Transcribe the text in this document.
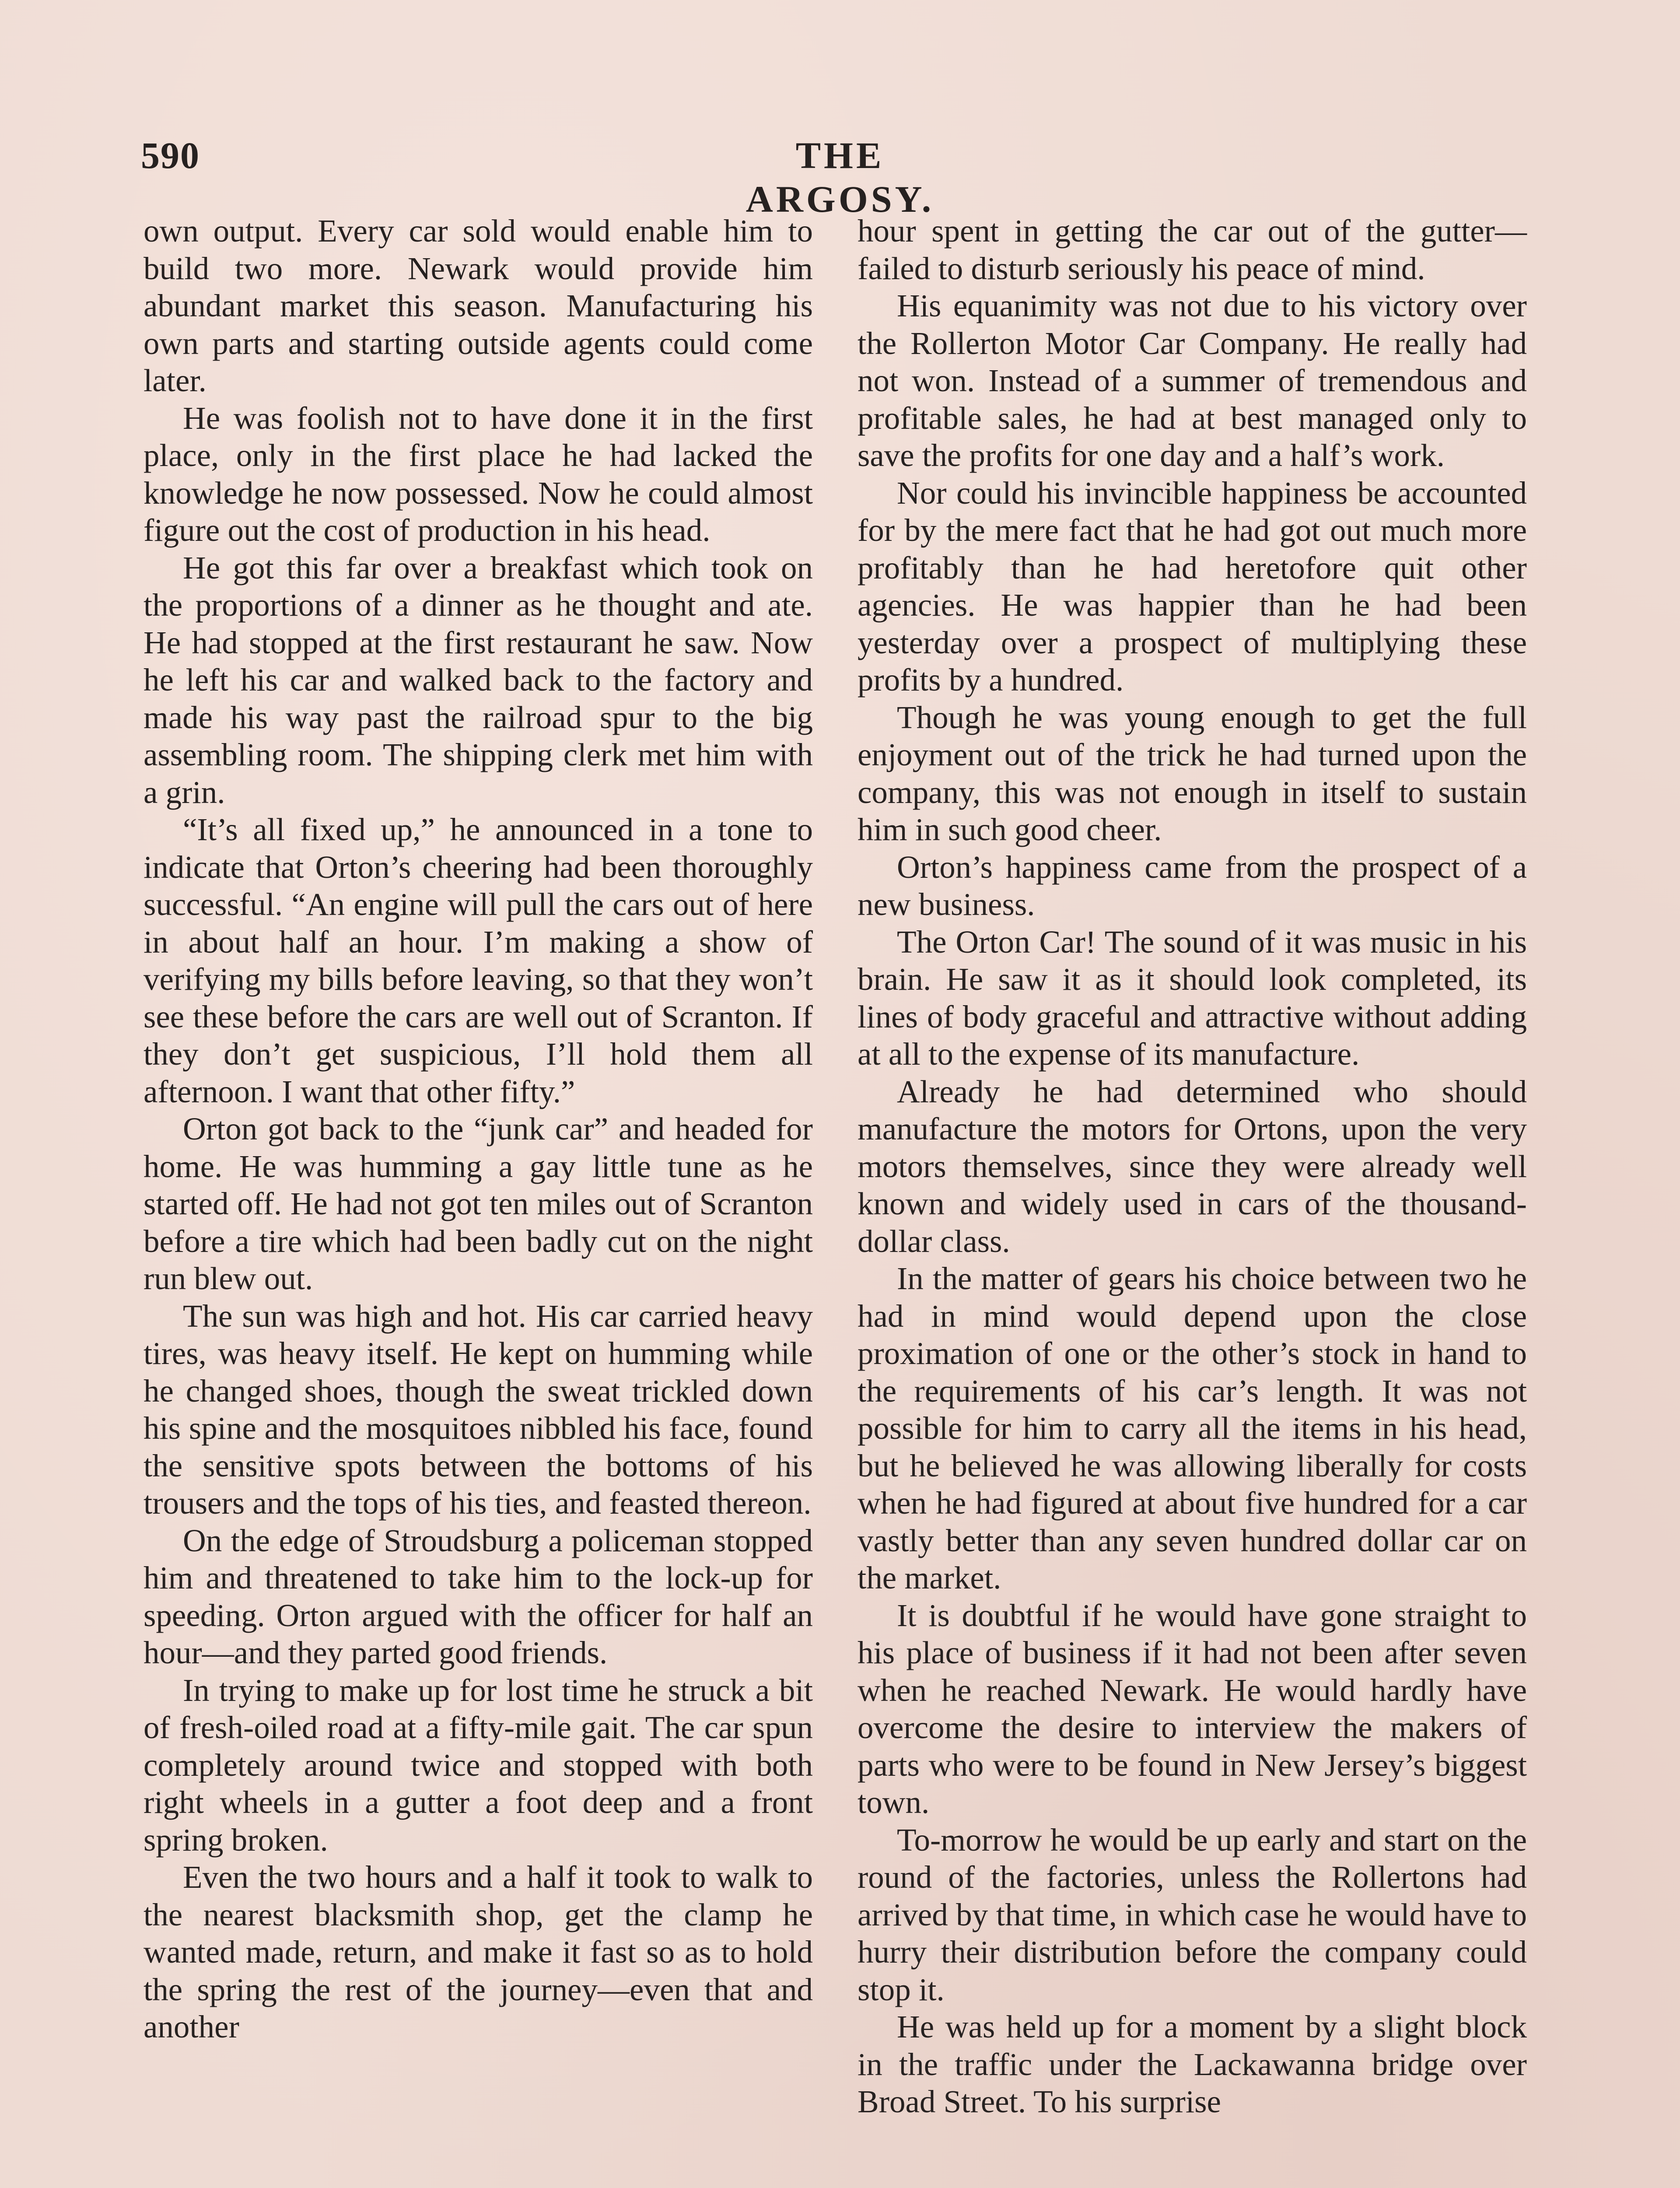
590	THE ARGOSY.

own output. Every car sold would enable him to build two more. Newark would provide him abundant market this season. Manufacturing his own parts and starting outside agents could come later.

He was foolish not to have done it in the first place, only in the first place he had lacked the knowledge he now possessed. Now he could almost figure out the cost of production in his head.

He got this far over a breakfast which took on the proportions of a dinner as he thought and ate. He had stopped at the first restaurant he saw. Now he left his car and walked back to the factory and made his way past the railroad spur to the big assembling room. The shipping clerk met him with a grin.

“It’s all fixed up,” he announced in a tone to indicate that Orton’s cheering had been thoroughly successful. “An engine will pull the cars out of here in about half an hour. I’m making a show of verifying my bills before leaving, so that they won’t see these before the cars are well out of Scranton. If they don’t get suspicious, I’ll hold them all afternoon. I want that other fifty.”

Orton got back to the “junk car” and headed for home. He was humming a gay little tune as he started off. He had not got ten miles out of Scranton before a tire which had been badly cut on the night run blew out.

The sun was high and hot. His car carried heavy tires, was heavy itself. He kept on humming while he changed shoes, though the sweat trickled down his spine and the mosquitoes nibbled his face, found the sensitive spots between the bottoms of his trousers and the tops of his ties, and feasted thereon.

On the edge of Stroudsburg a policeman stopped him and threatened to take him to the lock-up for speeding. Orton argued with the officer for half an hour—and they parted good friends.

In trying to make up for lost time he struck a bit of fresh-oiled road at a fifty-mile gait. The car spun completely around twice and stopped with both right wheels in a gutter a foot deep and a front spring broken.

Even the two hours and a half it took to walk to the nearest blacksmith shop, get the clamp he wanted made, return, and make it fast so as to hold the spring the rest of the journey—even that and another

hour spent in getting the car out of the gutter—failed to disturb seriously his peace of mind.

His equanimity was not due to his victory over the Rollerton Motor Car Company. He really had not won. Instead of a summer of tremendous and profitable sales, he had at best managed only to save the profits for one day and a half’s work.

Nor could his invincible happiness be accounted for by the mere fact that he had got out much more profitably than he had heretofore quit other agencies. He was happier than he had been yesterday over a prospect of multiplying these profits by a hundred.

Though he was young enough to get the full enjoyment out of the trick he had turned upon the company, this was not enough in itself to sustain him in such good cheer.

Orton’s happiness came from the prospect of a new business.

The Orton Car! The sound of it was music in his brain. He saw it as it should look completed, its lines of body graceful and attractive without adding at all to the expense of its manufacture.

Already he had determined who should manufacture the motors for Ortons, upon the very motors themselves, since they were already well known and widely used in cars of the thousand-dollar class.

In the matter of gears his choice between two he had in mind would depend upon the close proximation of one or the other’s stock in hand to the requirements of his car’s length. It was not possible for him to carry all the items in his head, but he believed he was allowing liberally for costs when he had figured at about five hundred for a car vastly better than any seven hundred dollar car on the market.

It is doubtful if he would have gone straight to his place of business if it had not been after seven when he reached Newark. He would hardly have overcome the desire to interview the makers of parts who were to be found in New Jersey’s biggest town.

To-morrow he would be up early and start on the round of the factories, unless the Rollertons had arrived by that time, in which case he would have to hurry their distribution before the company could stop it.

He was held up for a moment by a slight block in the traffic under the Lackawanna bridge over Broad Street. To his surprise
